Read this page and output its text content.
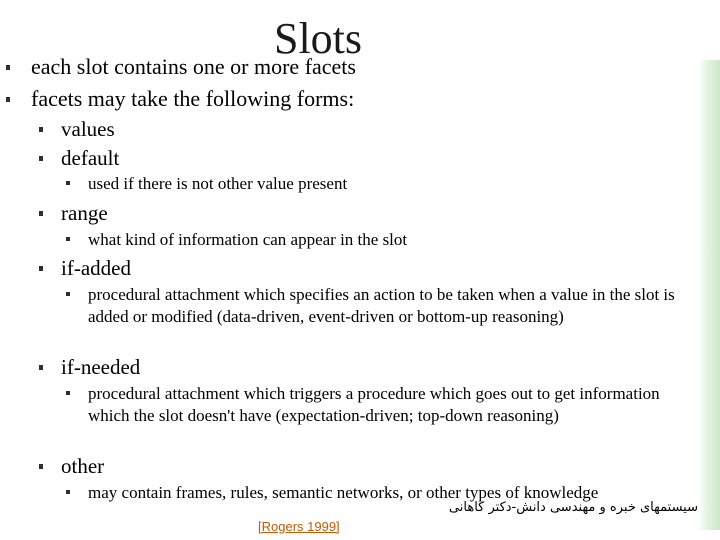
Slots
each slot contains one or more facets
facets may take the following forms:
values
default
used if there is not other value present
range
what kind of information can appear in the slot
if-added
procedural attachment which specifies an action to be taken when a value in the slot is added or modified (data-driven, event-driven or bottom-up reasoning)
if-needed
procedural attachment which triggers a procedure which goes out to get information which the slot doesn't have (expectation-driven; top-down reasoning)
other
may contain frames, rules, semantic networks, or other types of knowledge
سیستمهای خبره و مهندسی دانش-دکتر کاهانی
[Rogers 1999]
